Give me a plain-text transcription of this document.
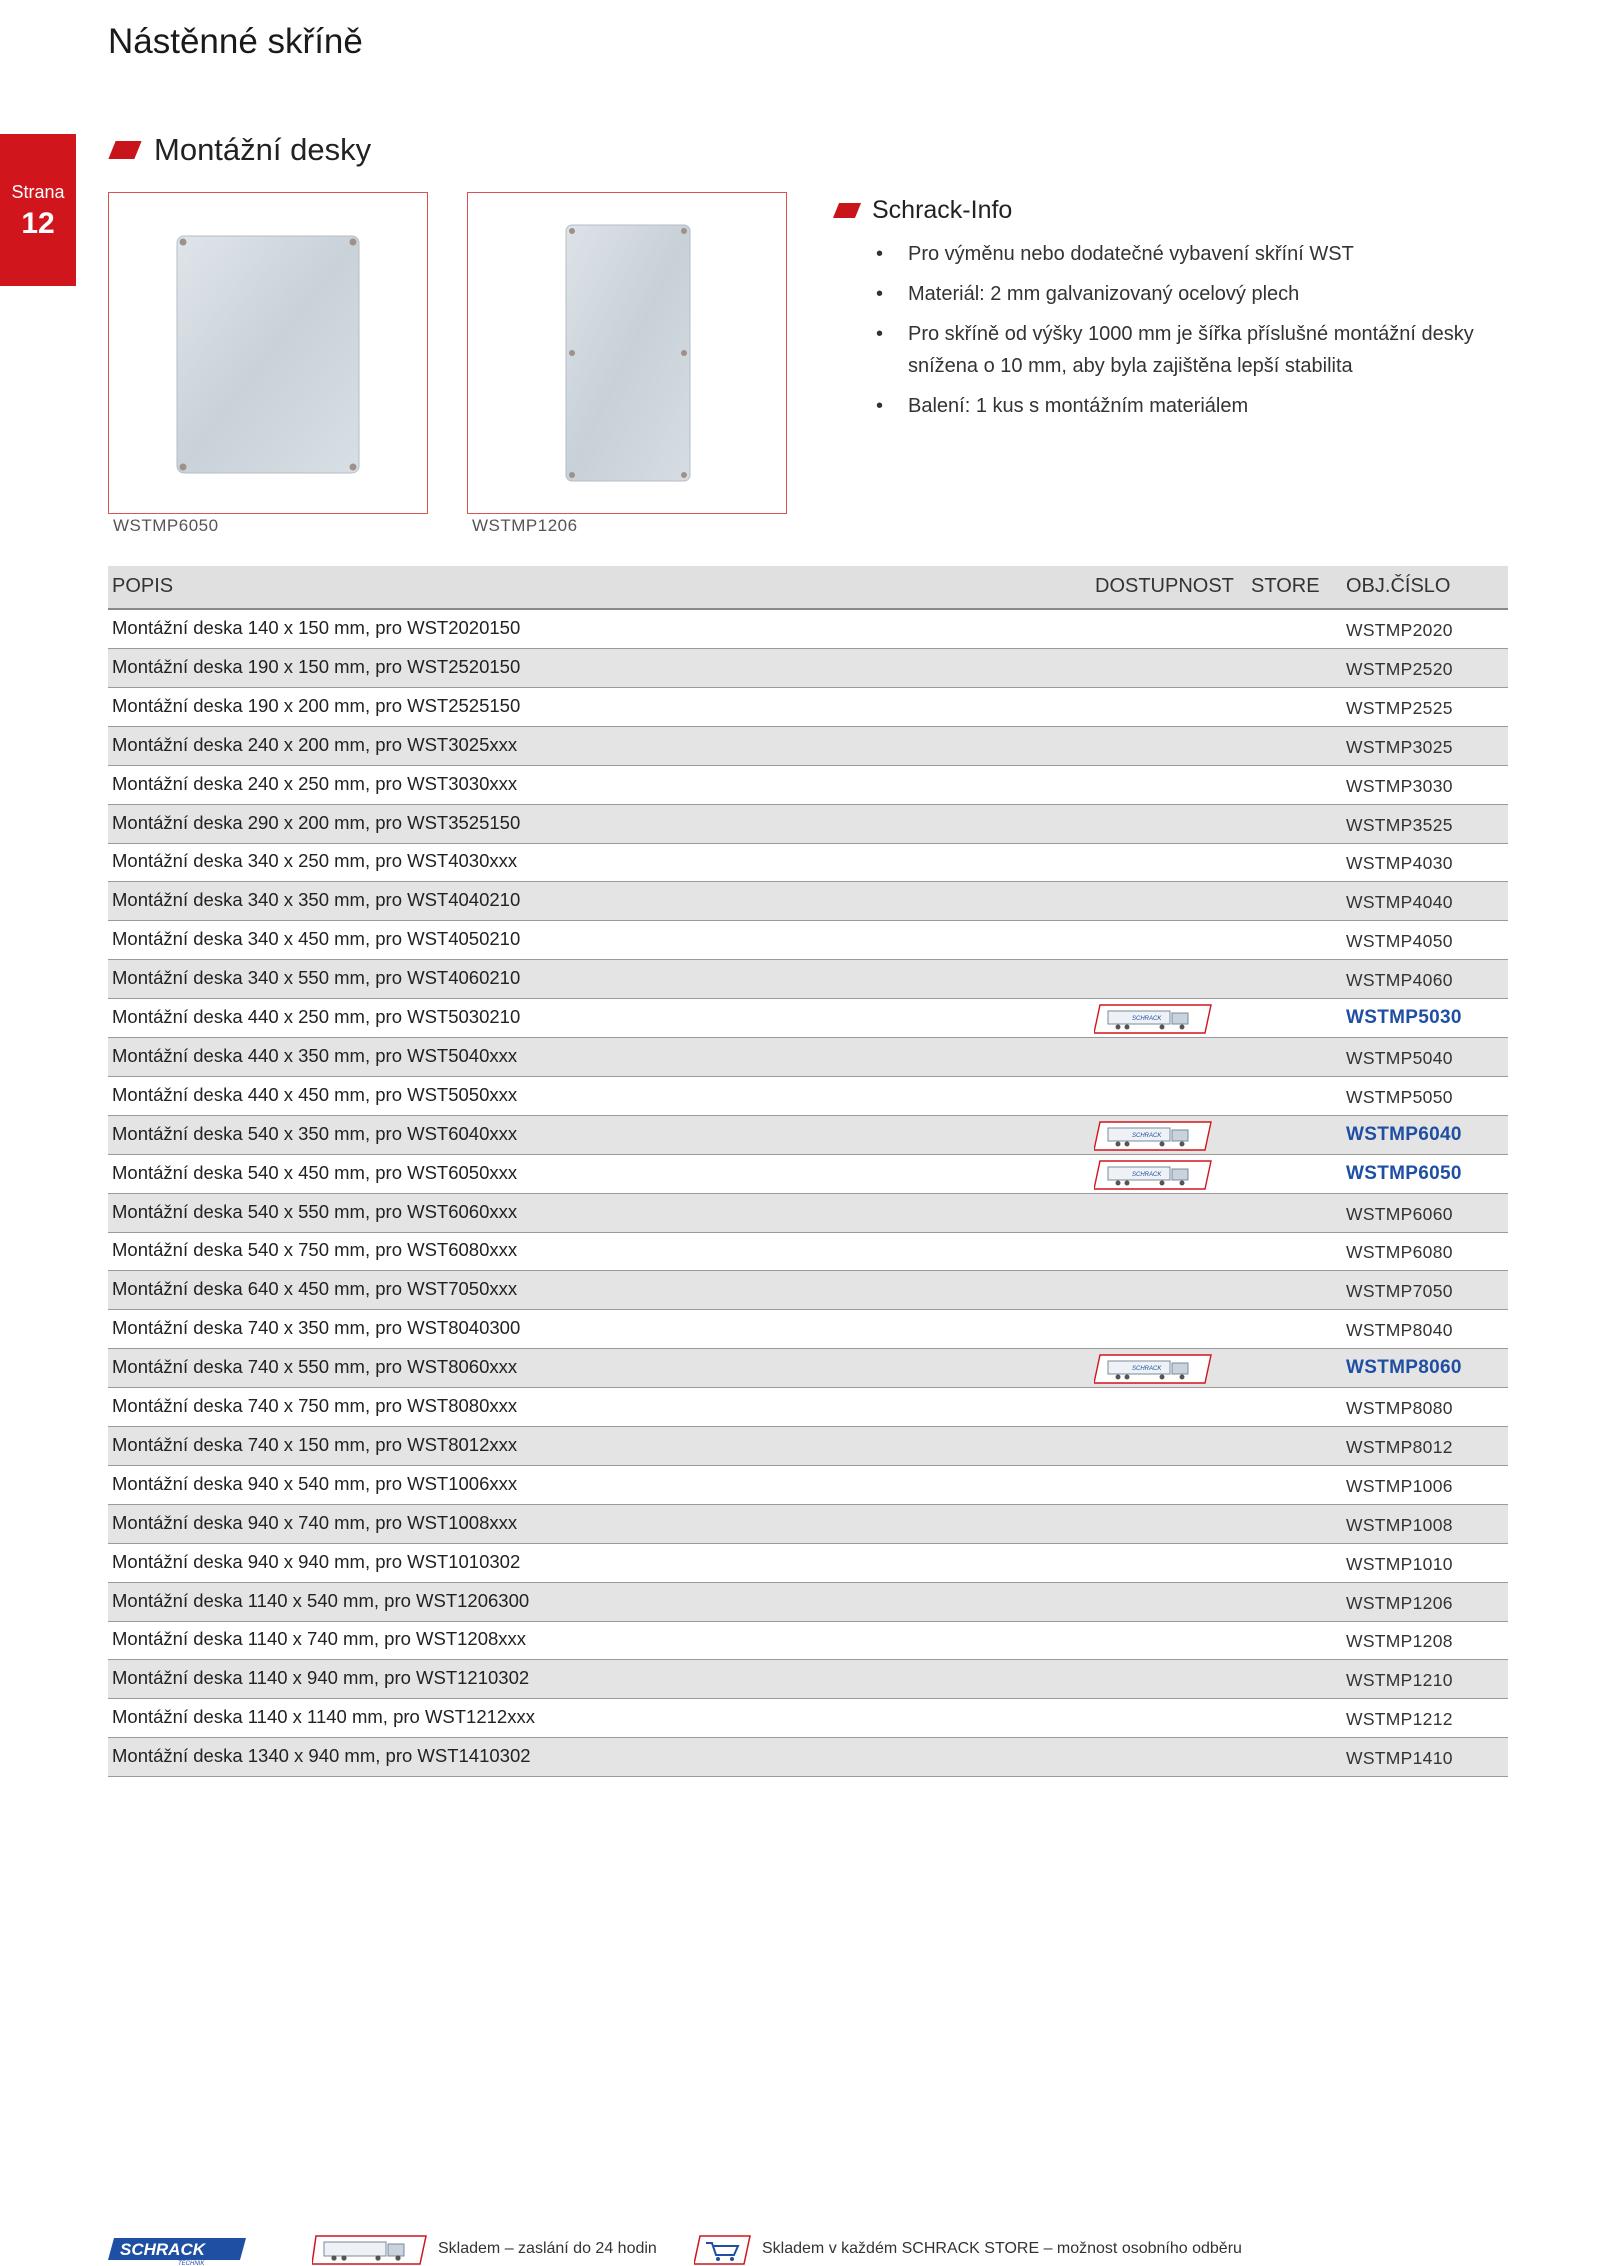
Nástěnné skříně
Strana
12
Montážní desky
WSTMP6050	WSTMP1206
Schrack-Info
• Pro výměnu nebo dodatečné vybavení skříní WST
• Materiál: 2 mm galvanizovaný ocelový plech
• Pro skříně od výšky 1000 mm je šířka příslušné montážní desky snížena o 10 mm, aby byla zajištěna lepší stabilita
• Balení: 1 kus s montážním materiálem
POPIS	DOSTUPNOST STORE OBJ.ČÍSLO
Montážní deska 140 x 150 mm, pro WST2020150	WSTMP2020
Montážní deska 190 x 150 mm, pro WST2520150	WSTMP2520
Montážní deska 190 x 200 mm, pro WST2525150	WSTMP2525
Montážní deska 240 x 200 mm, pro WST3025xxx	WSTMP3025
Montážní deska 240 x 250 mm, pro WST3030xxx	WSTMP3030
Montážní deska 290 x 200 mm, pro WST3525150	WSTMP3525
Montážní deska 340 x 250 mm, pro WST4030xxx	WSTMP4030
Montážní deska 340 x 350 mm, pro WST4040210	WSTMP4040
Montážní deska 340 x 450 mm, pro WST4050210	WSTMP4050
Montážní deska 340 x 550 mm, pro WST4060210	WSTMP4060
Montážní deska 440 x 250 mm, pro WST5030210	SCHRACK	WSTMP5030
Montážní deska 440 x 350 mm, pro WST5040xxx	WSTMP5040
Montážní deska 440 x 450 mm, pro WST5050xxx	WSTMP5050
Montážní deska 540 x 350 mm, pro WST6040xxx	SCHRACK	WSTMP6040
Montážní deska 540 x 450 mm, pro WST6050xxx	SCHRACK	WSTMP6050
Montážní deska 540 x 550 mm, pro WST6060xxx	WSTMP6060
Montážní deska 540 x 750 mm, pro WST6080xxx	WSTMP6080
Montážní deska 640 x 450 mm, pro WST7050xxx	WSTMP7050
Montážní deska 740 x 350 mm, pro WST8040300	WSTMP8040
Montážní deska 740 x 550 mm, pro WST8060xxx	SCHRACK	WSTMP8060
Montážní deska 740 x 750 mm, pro WST8080xxx	WSTMP8080
Montážní deska 740 x 150 mm, pro WST8012xxx	WSTMP8012
Montážní deska 940 x 540 mm, pro WST1006xxx	WSTMP1006
Montážní deska 940 x 740 mm, pro WST1008xxx	WSTMP1008
Montážní deska 940 x 940 mm, pro WST1010302	WSTMP1010
Montážní deska 1140 x 540 mm, pro WST1206300	WSTMP1206
Montážní deska 1140 x 740 mm, pro WST1208xxx	WSTMP1208
Montážní deska 1140 x 940 mm, pro WST1210302	WSTMP1210
Montážní deska 1140 x 1140 mm, pro WST1212xxx	WSTMP1212
Montážní deska 1340 x 940 mm, pro WST1410302	WSTMP1410
SCHRACK
TECHNIK
Skladem – zaslání do 24 hodin	Skladem v každém SCHRACK STORE – možnost osobního odběru
